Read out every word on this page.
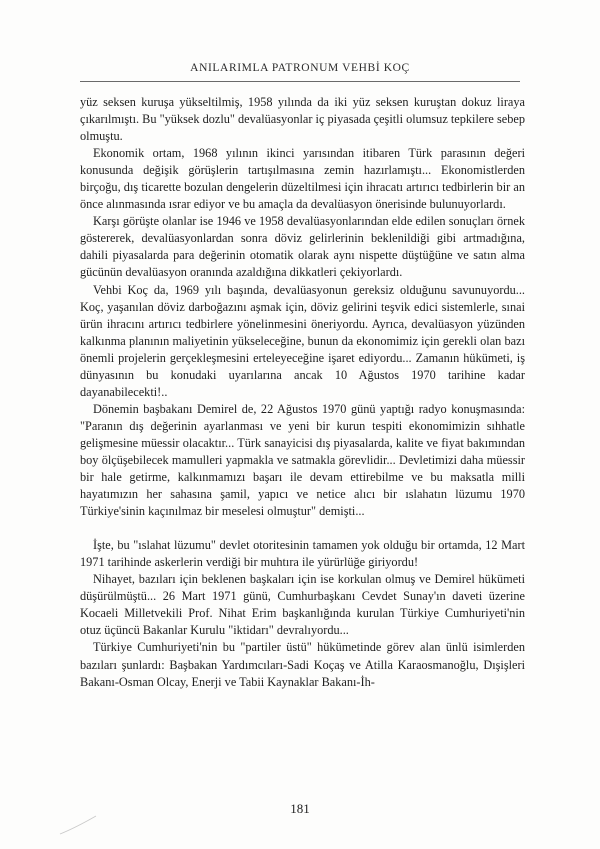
ANILARIMLA PATRONUM VEHBİ KOÇ

yüz seksen kuruşa yükseltilmiş, 1958 yılında da iki yüz seksen kuruştan dokuz liraya çıkarılmıştı. Bu "yüksek dozlu" devalüasyonlar iç piyasada çeşitli olumsuz tepkilere sebep olmuştu.

Ekonomik ortam, 1968 yılının ikinci yarısından itibaren Türk parasının değeri konusunda değişik görüşlerin tartışılmasına zemin hazırlamıştı... Ekonomistlerden birçoğu, dış ticarette bozulan dengelerin düzeltilmesi için ihracatı artırıcı tedbirlerin bir an önce alınmasında ısrar ediyor ve bu amaçla da devalüasyon önerisinde bulunuyorlardı.

Karşı görüşte olanlar ise 1946 ve 1958 devalüasyonlarından elde edilen sonuçları örnek göstererek, devalüasyonlardan sonra döviz gelirlerinin beklenildiği gibi artmadığına, dahili piyasalarda para değerinin otomatik olarak aynı nispette düştüğüne ve satın alma gücünün devalüasyon oranında azaldığına dikkatleri çekiyorlardı.

Vehbi Koç da, 1969 yılı başında, devalüasyonun gereksiz olduğunu savunuyordu... Koç, yaşanılan döviz darboğazını aşmak için, döviz gelirini teşvik edici sistemlerle, sınai ürün ihracını artırıcı tedbirlere yönelinmesini öneriyordu. Ayrıca, devalüasyon yüzünden kalkınma planının maliyetinin yükseleceğine, bunun da ekonomimiz için gerekli olan bazı önemli projelerin gerçekleşmesini erteleyeceğine işaret ediyordu... Zamanın hükümeti, iş dünyasının bu konudaki uyarılarına ancak 10 Ağustos 1970 tarihine kadar dayanabilecekti!..

Dönemin başbakanı Demirel de, 22 Ağustos 1970 günü yaptığı radyo konuşmasında: "Paranın dış değerinin ayarlanması ve yeni bir kurun tespiti ekonomimizin sıhhatle gelişmesine müessir olacaktır... Türk sanayicisi dış piyasalarda, kalite ve fiyat bakımından boy ölçüşebilecek mamulleri yapmakla ve satmakla görevlidir... Devletimizi daha müessir bir hale getirme, kalkınmamızı başarı ile devam ettirebilme ve bu maksatla milli hayatımızın her sahasına şamil, yapıcı ve netice alıcı bir ıslahatın lüzumu 1970 Türkiye'sinin kaçınılmaz bir meselesi olmuştur" demişti...

İşte, bu "ıslahat lüzumu" devlet otoritesinin tamamen yok olduğu bir ortamda, 12 Mart 1971 tarihinde askerlerin verdiği bir muhtıra ile yürürlüğe giriyordu!

Nihayet, bazıları için beklenen başkaları için ise korkulan olmuş ve Demirel hükümeti düşürülmüştü... 26 Mart 1971 günü, Cumhurbaşkanı Cevdet Sunay'ın daveti üzerine Kocaeli Milletvekili Prof. Nihat Erim başkanlığında kurulan Türkiye Cumhuriyeti'nin otuz üçüncü Bakanlar Kurulu "iktidarı" devralıyordu...

Türkiye Cumhuriyeti'nin bu "partiler üstü" hükümetinde görev alan ünlü isimlerden bazıları şunlardı: Başbakan Yardımcıları-Sadi Koçaş ve Atilla Karaosmanoğlu, Dışişleri Bakanı-Osman Olcay, Enerji ve Tabii Kaynaklar Bakanı-İh-

181
